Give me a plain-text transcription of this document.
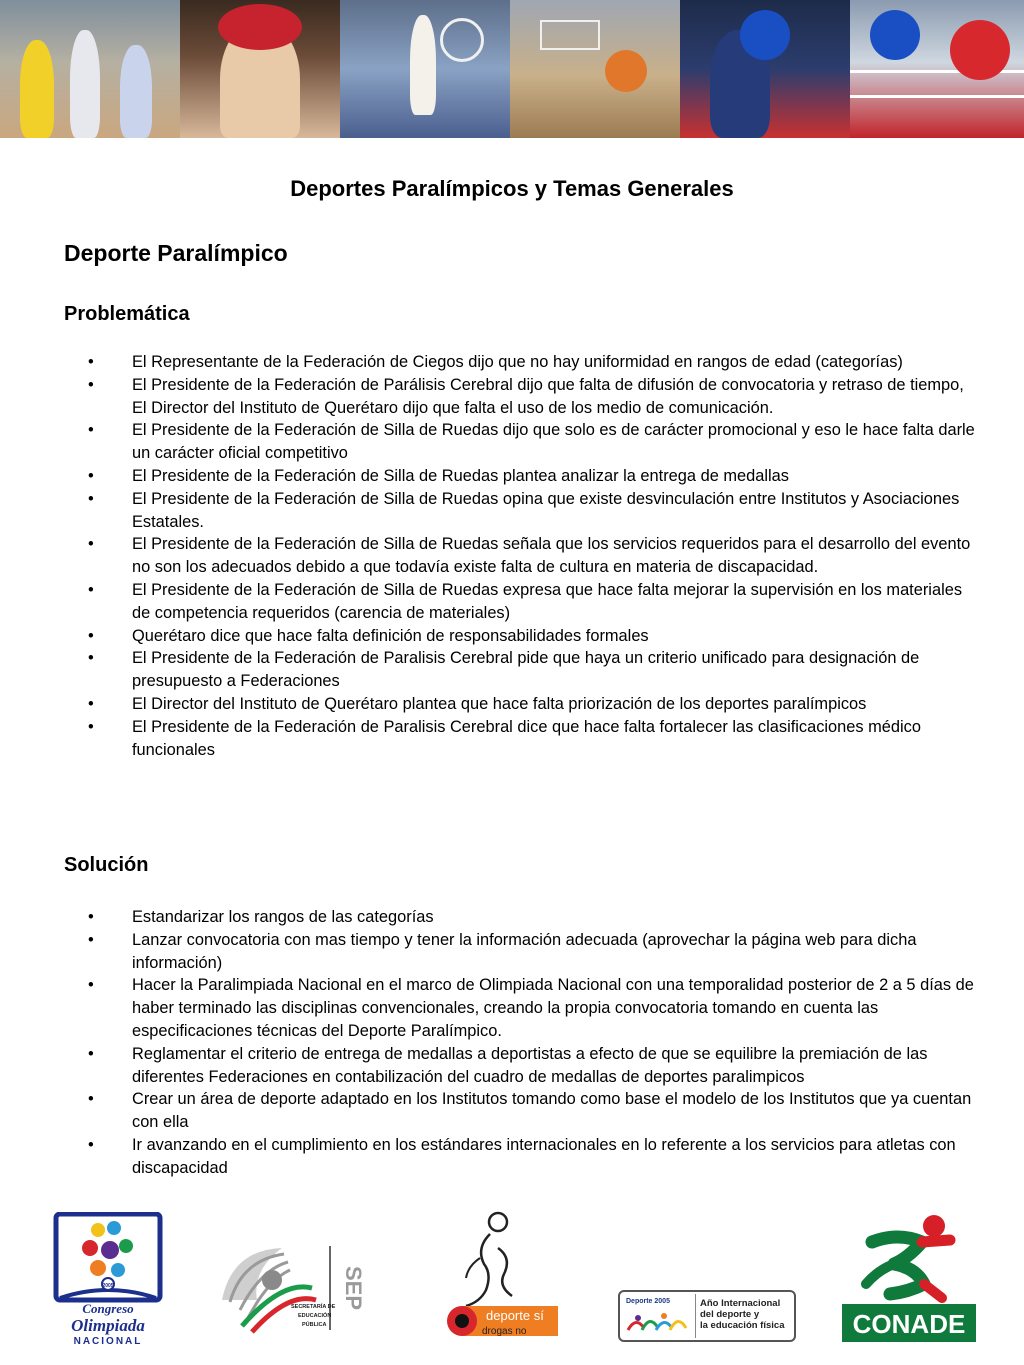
Deportes Paralímpicos y Temas Generales
Deporte Paralímpico
Problemática
• El Representante de la Federación de Ciegos dijo que no hay uniformidad en rangos de edad (categorías)
• El Presidente de la Federación de Parálisis Cerebral dijo que falta de difusión de convocatoria y retraso de tiempo, El Director del Instituto de Querétaro dijo que falta el uso de los medio de comunicación.
• El Presidente de la Federación de Silla de Ruedas dijo que solo es de carácter promocional y eso le hace falta darle un carácter oficial competitivo
• El Presidente de la Federación de Silla de Ruedas plantea analizar la entrega de medallas
• El Presidente de la Federación de Silla de Ruedas opina que existe desvinculación entre Institutos y Asociaciones Estatales.
• El Presidente de la Federación de Silla de Ruedas señala que los servicios requeridos para el desarrollo del evento no son los adecuados debido a que todavía existe falta de cultura en materia de discapacidad.
• El Presidente de la Federación de Silla de Ruedas expresa que hace falta mejorar la supervisión en los materiales de competencia requeridos (carencia de materiales)
• Querétaro dice que hace falta definición de responsabilidades formales
• El Presidente de la Federación de Paralisis Cerebral pide que haya un criterio unificado para designación de presupuesto a Federaciones
• El Director del Instituto de Querétaro plantea que hace falta priorización de los deportes paralímpicos
• El Presidente de la Federación de Paralisis Cerebral dice que hace falta fortalecer las clasificaciones médico funcionales
Solución
• Estandarizar los rangos de las categorías
• Lanzar convocatoria con mas tiempo y tener la información adecuada (aprovechar la página web para dicha información)
• Hacer la Paralimpiada Nacional en el marco de Olimpiada Nacional con una temporalidad posterior de 2 a 5 días de haber terminado las disciplinas convencionales, creando la propia convocatoria tomando en cuenta las especificaciones técnicas del Deporte Paralímpico.
• Reglamentar el criterio de entrega de medallas a deportistas a efecto de que se equilibre la premiación de las diferentes Federaciones en contabilización del cuadro de medallas de deportes paralimpicos
• Crear un área de deporte adaptado en los Institutos tomando como base el modelo de los Institutos que ya cuentan con ella
• Ir avanzando en el cumplimiento en los estándares internacionales en lo referente a los servicios para atletas con discapacidad
2005
Congreso
Olimpiada
NACIONAL
SECRETARÍA DE
EDUCACIÓN
PÚBLICA
SEP
deporte sí
drogas no
Deporte 2005	Año Internacional
del deporte y
la educación física	CONADE
